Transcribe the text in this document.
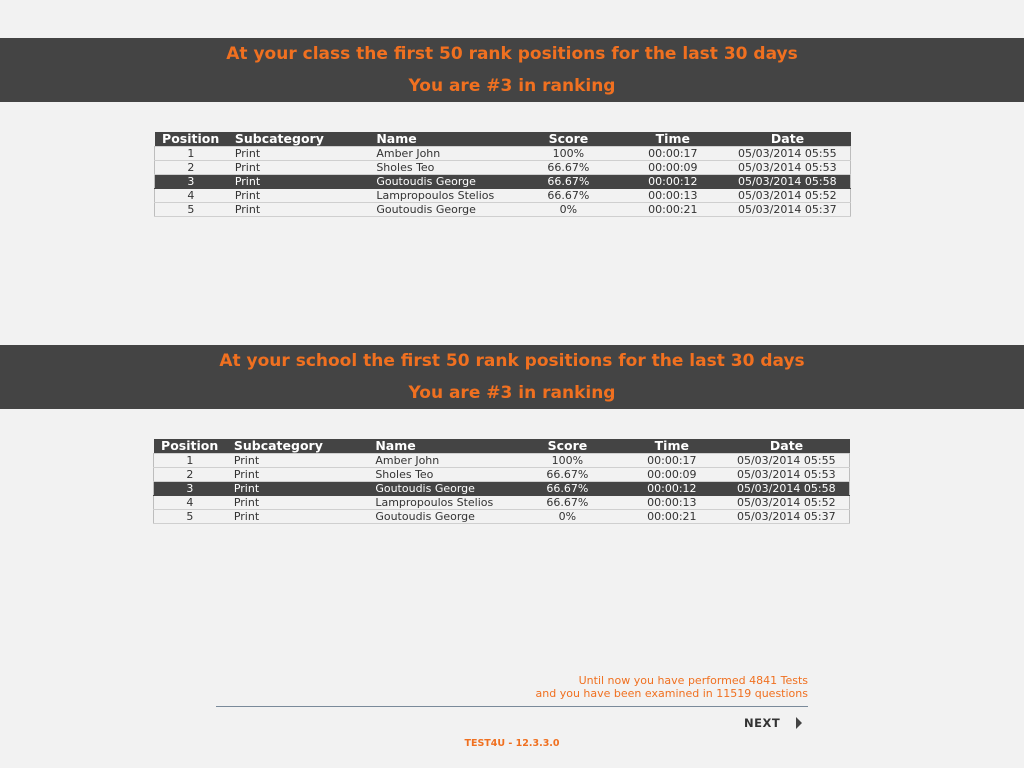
At your class the first 50 rank positions for the last 30 days
You are #3 in ranking
Position	Subcategory	Name	Score	Time	Date
1	Print	Amber John	100%	00:00:17	05/03/2014 05:55
2	Print	Sholes Teo	66.67%	00:00:09	05/03/2014 05:53
3	Print	Goutoudis George	66.67%	00:00:12	05/03/2014 05:58
4	Print	Lampropoulos Stelios	66.67%	00:00:13	05/03/2014 05:52
5	Print	Goutoudis George	0%	00:00:21	05/03/2014 05:37
At your school the first 50 rank positions for the last 30 days
You are #3 in ranking
Position	Subcategory	Name	Score	Time	Date
1	Print	Amber John	100%	00:00:17	05/03/2014 05:55
2	Print	Sholes Teo	66.67%	00:00:09	05/03/2014 05:53
3	Print	Goutoudis George	66.67%	00:00:12	05/03/2014 05:58
4	Print	Lampropoulos Stelios	66.67%	00:00:13	05/03/2014 05:52
5	Print	Goutoudis George	0%	00:00:21	05/03/2014 05:37
Until now you have performed 4841 Tests
and you have been examined in 11519 questions
NEXT
TEST4U - 12.3.3.0
